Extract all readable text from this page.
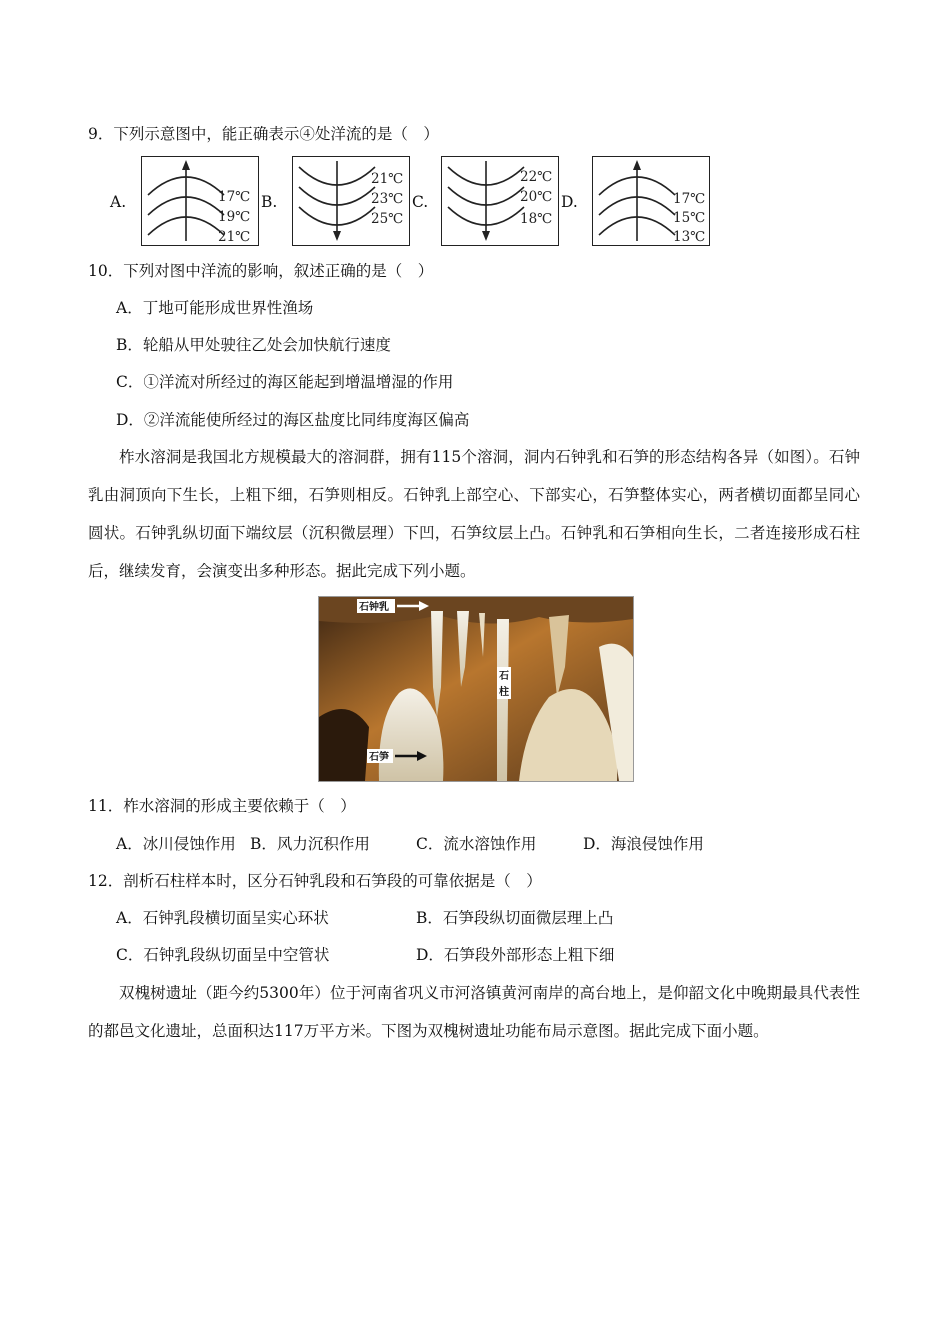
9．下列示意图中，能正确表示④处洋流的是（　）
A.	17℃
19℃
21℃
B.
21℃
23℃
25℃
C.
22℃
20℃
18℃
D.	17℃
15℃
13℃
10．下列对图中洋流的影响，叙述正确的是（　）
A．丁地可能形成世界性渔场
B．轮船从甲处驶往乙处会加快航行速度
C．①洋流对所经过的海区能起到增温增湿的作用
D．②洋流能使所经过的海区盐度比同纬度海区偏高
柞水溶洞是我国北方规模最大的溶洞群，拥有115个溶洞，洞内石钟乳和石笋的形态结构各异（如图）。石钟乳由洞顶向下生长，上粗下细，石笋则相反。石钟乳上部空心、下部实心，石笋整体实心，两者横切面都呈同心圆状。石钟乳纵切面下端纹层（沉积微层理）下凹，石笋纹层上凸。石钟乳和石笋相向生长，二者连接形成石柱后，继续发育，会演变出多种形态。据此完成下列小题。
石钟乳
石
柱
石笋
11．柞水溶洞的形成主要依赖于（　）
A．冰川侵蚀作用 B．风力沉积作用	C．流水溶蚀作用	D．海浪侵蚀作用
12．剖析石柱样本时，区分石钟乳段和石笋段的可靠依据是（　）
A．石钟乳段横切面呈实心环状	B．石笋段纵切面微层理上凸
C．石钟乳段纵切面呈中空管状	D．石笋段外部形态上粗下细
双槐树遗址（距今约5300年）位于河南省巩义市河洛镇黄河南岸的高台地上，是仰韶文化中晚期最具代表性的都邑文化遗址，总面积达117万平方米。下图为双槐树遗址功能布局示意图。据此完成下面小题。
